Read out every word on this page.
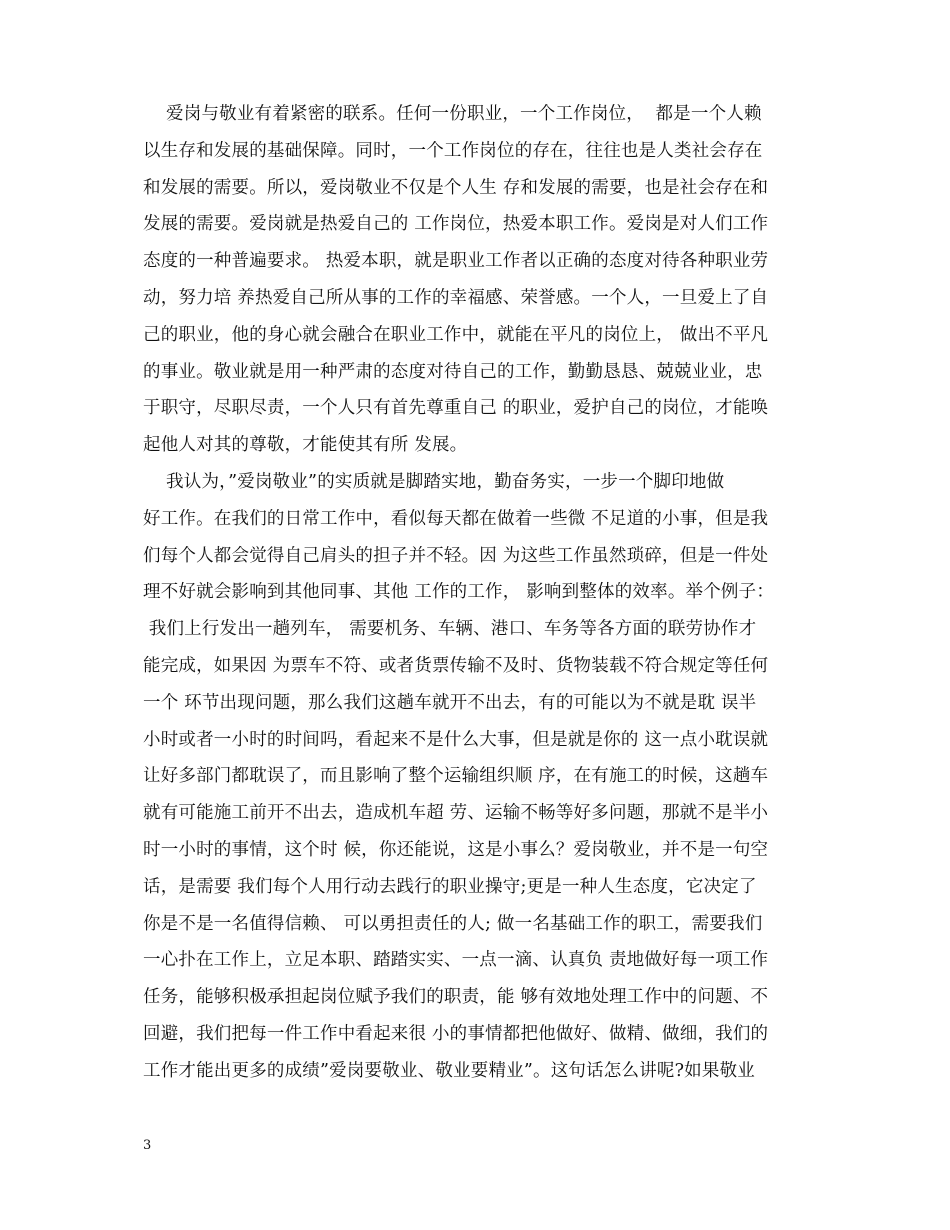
爱岗与敬业有着紧密的联系。任何一份职业，一个工作岗位，  都是一个人赖
以生存和发展的基础保障。同时，一个工作岗位的存在，往往也是人类社会存在
和发展的需要。所以，爱岗敬业不仅是个人生 存和发展的需要，也是社会存在和
发展的需要。爱岗就是热爱自己的 工作岗位，热爱本职工作。爱岗是对人们工作
态度的一种普遍要求。 热爱本职，就是职业工作者以正确的态度对待各种职业劳
动，努力培 养热爱自己所从事的工作的幸福感、荣誉感。一个人，一旦爱上了自
己的职业，他的身心就会融合在职业工作中，就能在平凡的岗位上， 做出不平凡
的事业。敬业就是用一种严肃的态度对待自己的工作，勤勤恳恳、兢兢业业，忠
于职守，尽职尽责，一个人只有首先尊重自己 的职业，爱护自己的岗位，才能唤
起他人对其的尊敬，才能使其有所 发展。
我认为，”爱岗敬业”的实质就是脚踏实地，勤奋务实，一步一个脚印地做
好工作。在我们的日常工作中，看似每天都在做着一些微 不足道的小事，但是我
们每个人都会觉得自己肩头的担子并不轻。因 为这些工作虽然琐碎，但是一件处
理不好就会影响到其他同事、其他 工作的工作， 影响到整体的效率。举个例子：
我们上行发出一趟列车， 需要机务、车辆、港口、车务等各方面的联劳协作才
能完成，如果因 为票车不符、或者货票传输不及时、货物装载不符合规定等任何
一个 环节出现问题，那么我们这趟车就开不出去，有的可能以为不就是耽 误半
小时或者一小时的时间吗，看起来不是什么大事，但是就是你的 这一点小耽误就
让好多部门都耽误了，而且影响了整个运输组织顺 序，在有施工的时候，这趟车
就有可能施工前开不出去，造成机车超 劳、运输不畅等好多问题，那就不是半小
时一小时的事情，这个时 候，你还能说，这是小事么？爱岗敬业，并不是一句空
话，是需要 我们每个人用行动去践行的职业操守;更是一种人生态度，它决定了
你是不是一名值得信赖、 可以勇担责任的人; 做一名基础工作的职工，需要我们
一心扑在工作上，立足本职、踏踏实实、一点一滴、认真负 责地做好每一项工作
任务，能够积极承担起岗位赋予我们的职责，能 够有效地处理工作中的问题、不
回避，我们把每一件工作中看起来很 小的事情都把他做好、做精、做细，我们的
工作才能出更多的成绩”爱岗要敬业、敬业要精业”。这句话怎么讲呢?如果敬业
3
